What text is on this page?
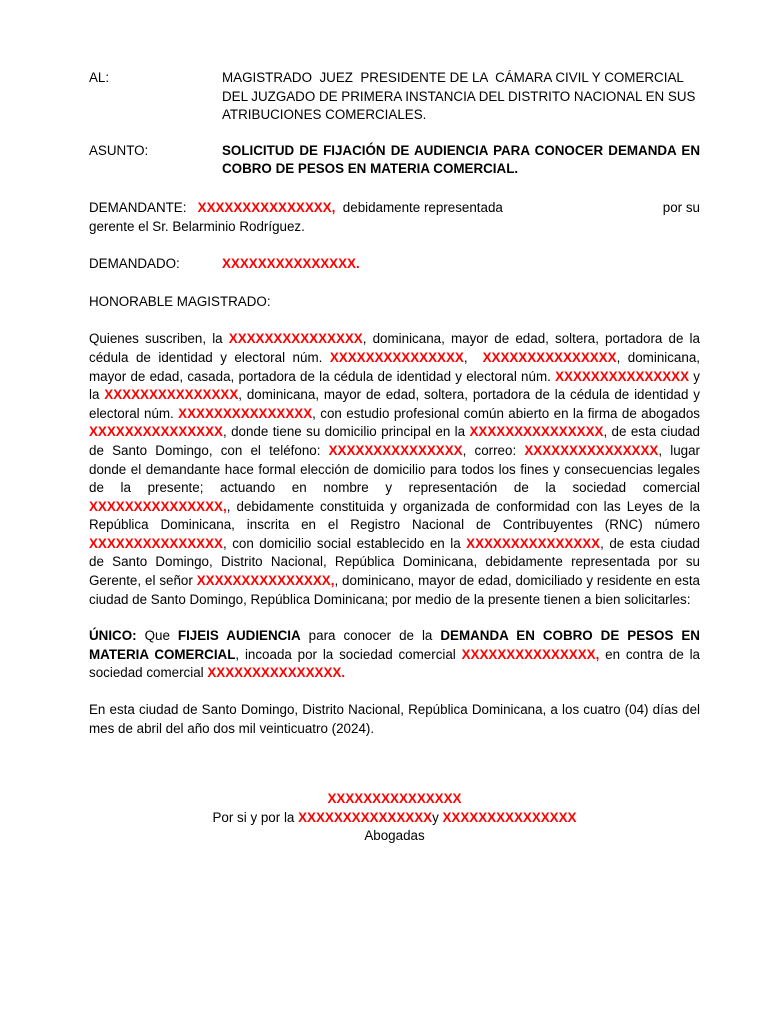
AL:	MAGISTRADO  JUEZ  PRESIDENTE DE LA  CÁMARA CIVIL Y COMERCIAL
DEL JUZGADO DE PRIMERA INSTANCIA DEL DISTRITO NACIONAL EN SUS
ATRIBUCIONES COMERCIALES.
ASUNTO:	SOLICITUD DE FIJACIÓN DE AUDIENCIA PARA CONOCER DEMANDA EN COBRO DE PESOS EN MATERIA COMERCIAL.
DEMANDANTE: XXXXXXXXXXXXXXX, debidamente representada	por su
gerente el Sr. Belarminio Rodríguez.
DEMANDADO:	XXXXXXXXXXXXXXX.
HONORABLE MAGISTRADO:

Quienes suscriben, la XXXXXXXXXXXXXXX, dominicana, mayor de edad, soltera, portadora de la cédula de identidad y electoral núm. XXXXXXXXXXXXXXX,  XXXXXXXXXXXXXXX, dominicana, mayor de edad, casada, portadora de la cédula de identidad y electoral núm. XXXXXXXXXXXXXXX y la XXXXXXXXXXXXXXX, dominicana, mayor de edad, soltera, portadora de la cédula de identidad y electoral núm. XXXXXXXXXXXXXXX, con estudio profesional común abierto en la firma de abogados XXXXXXXXXXXXXXX, donde tiene su domicilio principal en la XXXXXXXXXXXXXXX, de esta ciudad de Santo Domingo, con el teléfono: XXXXXXXXXXXXXXX, correo: XXXXXXXXXXXXXXX, lugar donde el demandante hace formal elección de domicilio para todos los fines y consecuencias legales de la presente; actuando en nombre y representación de la sociedad comercial XXXXXXXXXXXXXXX,, debidamente constituida y organizada de conformidad con las Leyes de la República Dominicana, inscrita en el Registro Nacional de Contribuyentes (RNC) número XXXXXXXXXXXXXXX, con domicilio social establecido en la XXXXXXXXXXXXXXX, de esta ciudad de Santo Domingo, Distrito Nacional, República Dominicana, debidamente representada por su Gerente, el señor XXXXXXXXXXXXXXX,, dominicano, mayor de edad, domiciliado y residente en esta ciudad de Santo Domingo, República Dominicana; por medio de la presente tienen a bien solicitarles:

ÚNICO: Que FIJEIS AUDIENCIA para conocer de la DEMANDA EN COBRO DE PESOS EN MATERIA COMERCIAL, incoada por la sociedad comercial XXXXXXXXXXXXXXX, en contra de la sociedad comercial XXXXXXXXXXXXXXX.

En esta ciudad de Santo Domingo, Distrito Nacional, República Dominicana, a los cuatro (04) días del mes de abril del año dos mil veinticuatro (2024).

XXXXXXXXXXXXXXX
Por si y por la XXXXXXXXXXXXXXXy XXXXXXXXXXXXXXX
Abogadas
